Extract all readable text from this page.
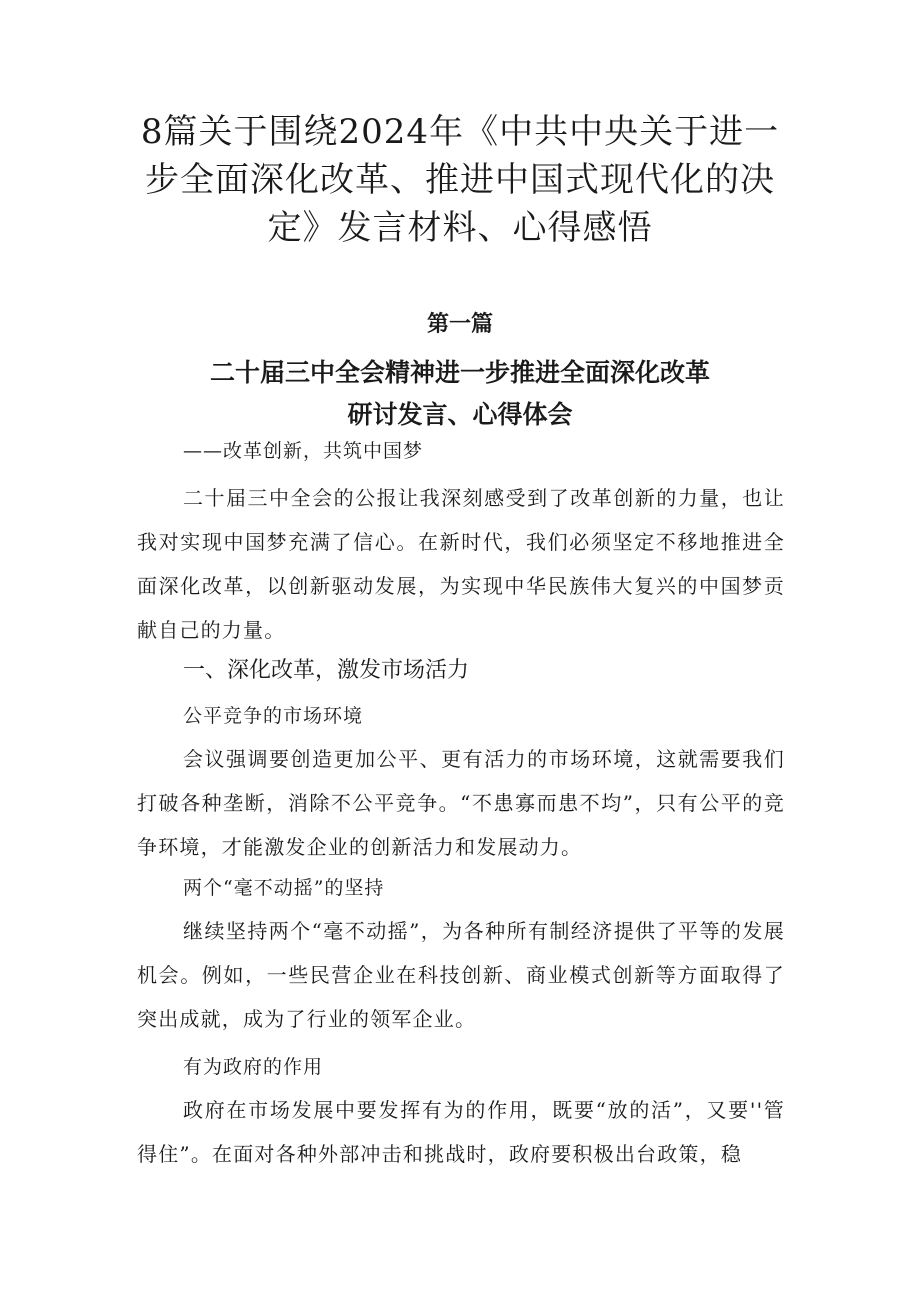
8篇关于围绕2024年《中共中央关于进一
步全面深化改革、推进中国式现代化的决
定》发言材料、心得感悟
第一篇
二十届三中全会精神进一步推进全面深化改革
研讨发言、心得体会
——改革创新，共筑中国梦

二十届三中全会的公报让我深刻感受到了改革创新的力量，也让我对实现中国梦充满了信心。在新时代，我们必须坚定不移地推进全面深化改革，以创新驱动发展，为实现中华民族伟大复兴的中国梦贡献自己的力量。

一、深化改革，激发市场活力
公平竞争的市场环境

会议强调要创造更加公平、更有活力的市场环境，这就需要我们打破各种垄断，消除不公平竞争。“不患寡而患不均”，只有公平的竞争环境，才能激发企业的创新活力和发展动力。

两个“毫不动摇”的坚持

继续坚持两个“毫不动摇”，为各种所有制经济提供了平等的发展机会。例如，一些民营企业在科技创新、商业模式创新等方面取得了突出成就，成为了行业的领军企业。

有为政府的作用

政府在市场发展中要发挥有为的作用，既要“放的活”，又要''管得住”。在面对各种外部冲击和挑战时，政府要积极出台政策，稳
